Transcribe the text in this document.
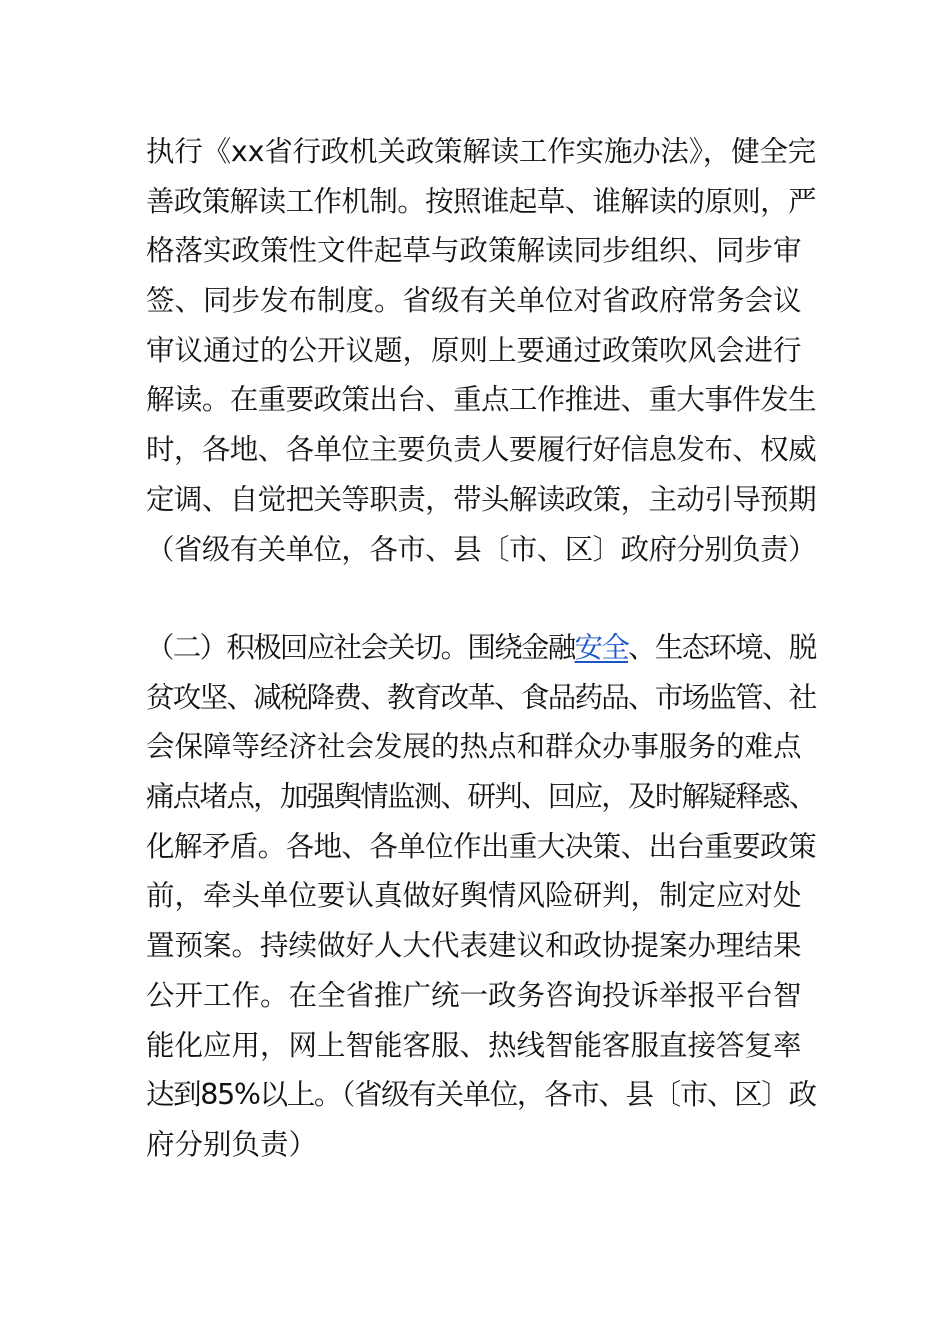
执行《xx省行政机关政策解读工作实施办法》，健全完
善政策解读工作机制。按照谁起草、谁解读的原则，严
格落实政策性文件起草与政策解读同步组织、同步审
签、同步发布制度。省级有关单位对省政府常务会议
审议通过的公开议题，原则上要通过政策吹风会进行
解读。在重要政策出台、重点工作推进、重大事件发生
时，各地、各单位主要负责人要履行好信息发布、权威
定调、自觉把关等职责，带头解读政策，主动引导预期
（省级有关单位，各市、县〔市、区〕政府分别负责）

（二）积极回应社会关切。围绕金融安全、生态环境、脱
贫攻坚、减税降费、教育改革、食品药品、市场监管、社
会保障等经济社会发展的热点和群众办事服务的难点
痛点堵点，加强舆情监测、研判、回应，及时解疑释惑、
化解矛盾。各地、各单位作出重大决策、出台重要政策
前，牵头单位要认真做好舆情风险研判，制定应对处
置预案。持续做好人大代表建议和政协提案办理结果
公开工作。在全省推广统一政务咨询投诉举报平台智
能化应用，网上智能客服、热线智能客服直接答复率
达到85%以上。（省级有关单位，各市、县〔市、区〕政
府分别负责）
